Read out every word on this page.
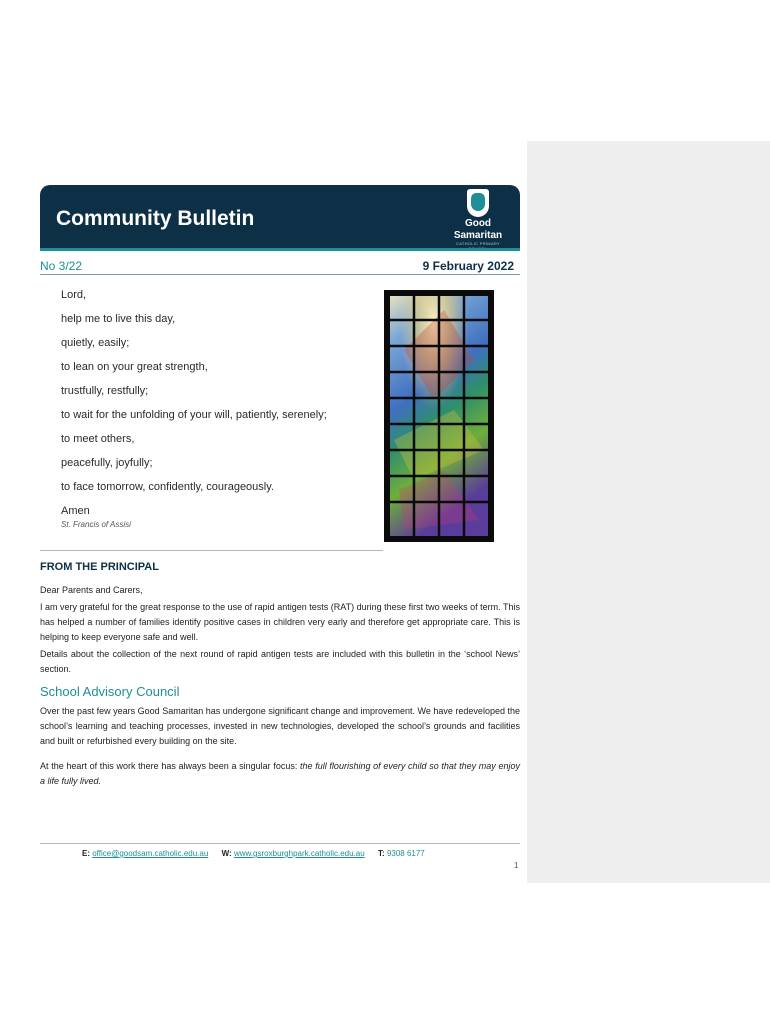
Community Bulletin	Good
Samaritan
CATHOLIC PRIMARY
No 3/22	9 February 2022
Lord,
help me to live this day,
quietly, easily;
to lean on your great strength,
trustfully, restfully;
to wait for the unfolding of your will, patiently, serenely;
to meet others,
peacefully, joyfully;
to face tomorrow, confidently, courageously.
Amen
St. Francis of Assisi
FROM THE PRINCIPAL
Dear Parents and Carers,
I am very grateful for the great response to the use of rapid antigen tests (RAT) during these first two weeks of term. This has helped a number of families identify positive cases in children very early and therefore get appropriate care. This is helping to keep everyone safe and well.
Details about the collection of the next round of rapid antigen tests are included with this bulletin in the ‘school News’ section.
School Advisory Council
Over the past few years Good Samaritan has undergone significant change and improvement. We have redeveloped the school’s learning and teaching processes, invested in new technologies, developed the school’s grounds and facilities and built or refurbished every building on the site.
At the heart of this work there has always been a singular focus: the full flourishing of every child so that they may enjoy a life fully lived.
E: office@goodsam.catholic.edu.au W: www.gsroxburghpark.catholic.edu.au T: 9308 6177
1
